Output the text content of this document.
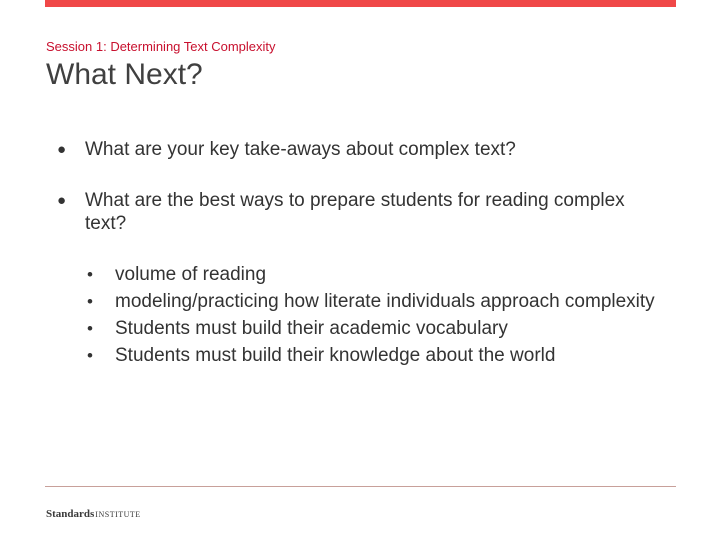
Session 1: Determining Text Complexity
What Next?
● What are your key take-aways about complex text?
● What are the best ways to prepare students for reading complex text?
•	volume of reading
•	modeling/practicing how literate individuals approach complexity
•	Students must build their academic vocabulary
•	Students must build their knowledge about the world
StandardsINSTITUTE
